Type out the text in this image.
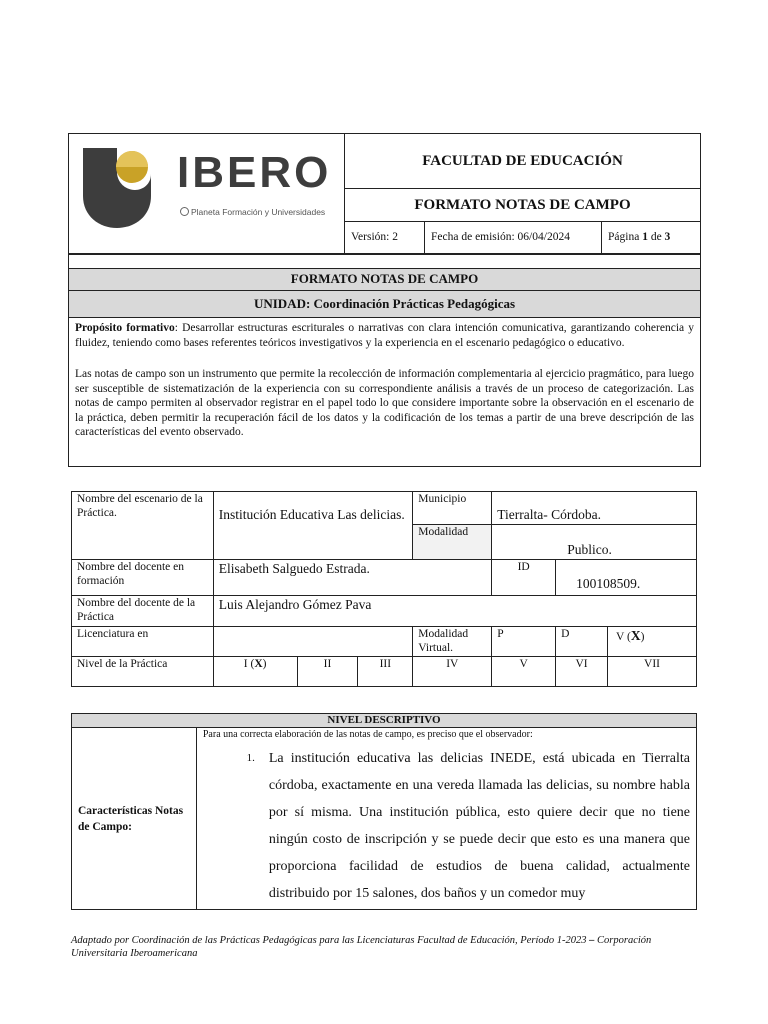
IBERO
Planeta Formación y Universidades	FACULTAD DE EDUCACIÓN		
	FORMATO NOTAS DE CAMPO		
	Versión: 2	Fecha de emisión: 06/04/2024	Página 1 de 3
FORMATO NOTAS DE CAMPO
UNIDAD: Coordinación Prácticas Pedagógicas
Propósito formativo: Desarrollar estructuras escriturales o narrativas con clara intención comunicativa, garantizando coherencia y fluidez, teniendo como bases referentes teóricos investigativos y la experiencia en el escenario pedagógico o educativo.
Las notas de campo son un instrumento que permite la recolección de información complementaria al ejercicio pragmático, para luego ser susceptible de sistematización de la experiencia con su correspondiente análisis a través de un proceso de categorización. Las notas de campo permiten al observador registrar en el papel todo lo que considere importante sobre la observación en el escenario de la práctica, deben permitir la recuperación fácil de los datos y la codificación de los temas a partir de una breve descripción de las características del evento observado.
Nombre del escenario de la Práctica.	Institución Educativa Las delicias.			Municipio	Tierralta- Córdoba.		
				Modalidad	Publico.		
Nombre del docente en formación	Elisabeth Salguedo Estrada.				ID	100108509.	
Nombre del docente de la Práctica	Luis Alejandro Gómez Pava						
Licenciatura en				Modalidad Virtual.	P	D	V (X)
Nivel de la Práctica	I (X)	II	III	IV	V	VI	VII
NIVEL DESCRIPTIVO
Características Notas de Campo:	
Para una correcta elaboración de las notas de campo, es preciso que el observador:
1.	La institución educativa las delicias INEDE, está ubicada en Tierralta córdoba, exactamente en una vereda llamada las delicias, su nombre habla por sí misma. Una institución pública, esto quiere decir que no tiene ningún costo de inscripción y se puede decir que esto es una manera que proporciona facilidad de estudios de buena calidad, actualmente distribuido por 15 salones, dos baños y un comedor muy
Adaptado por Coordinación de las Prácticas Pedagógicas para las Licenciaturas Facultad de Educación, Período 1-2023 – Corporación Universitaria Iberoamericana
